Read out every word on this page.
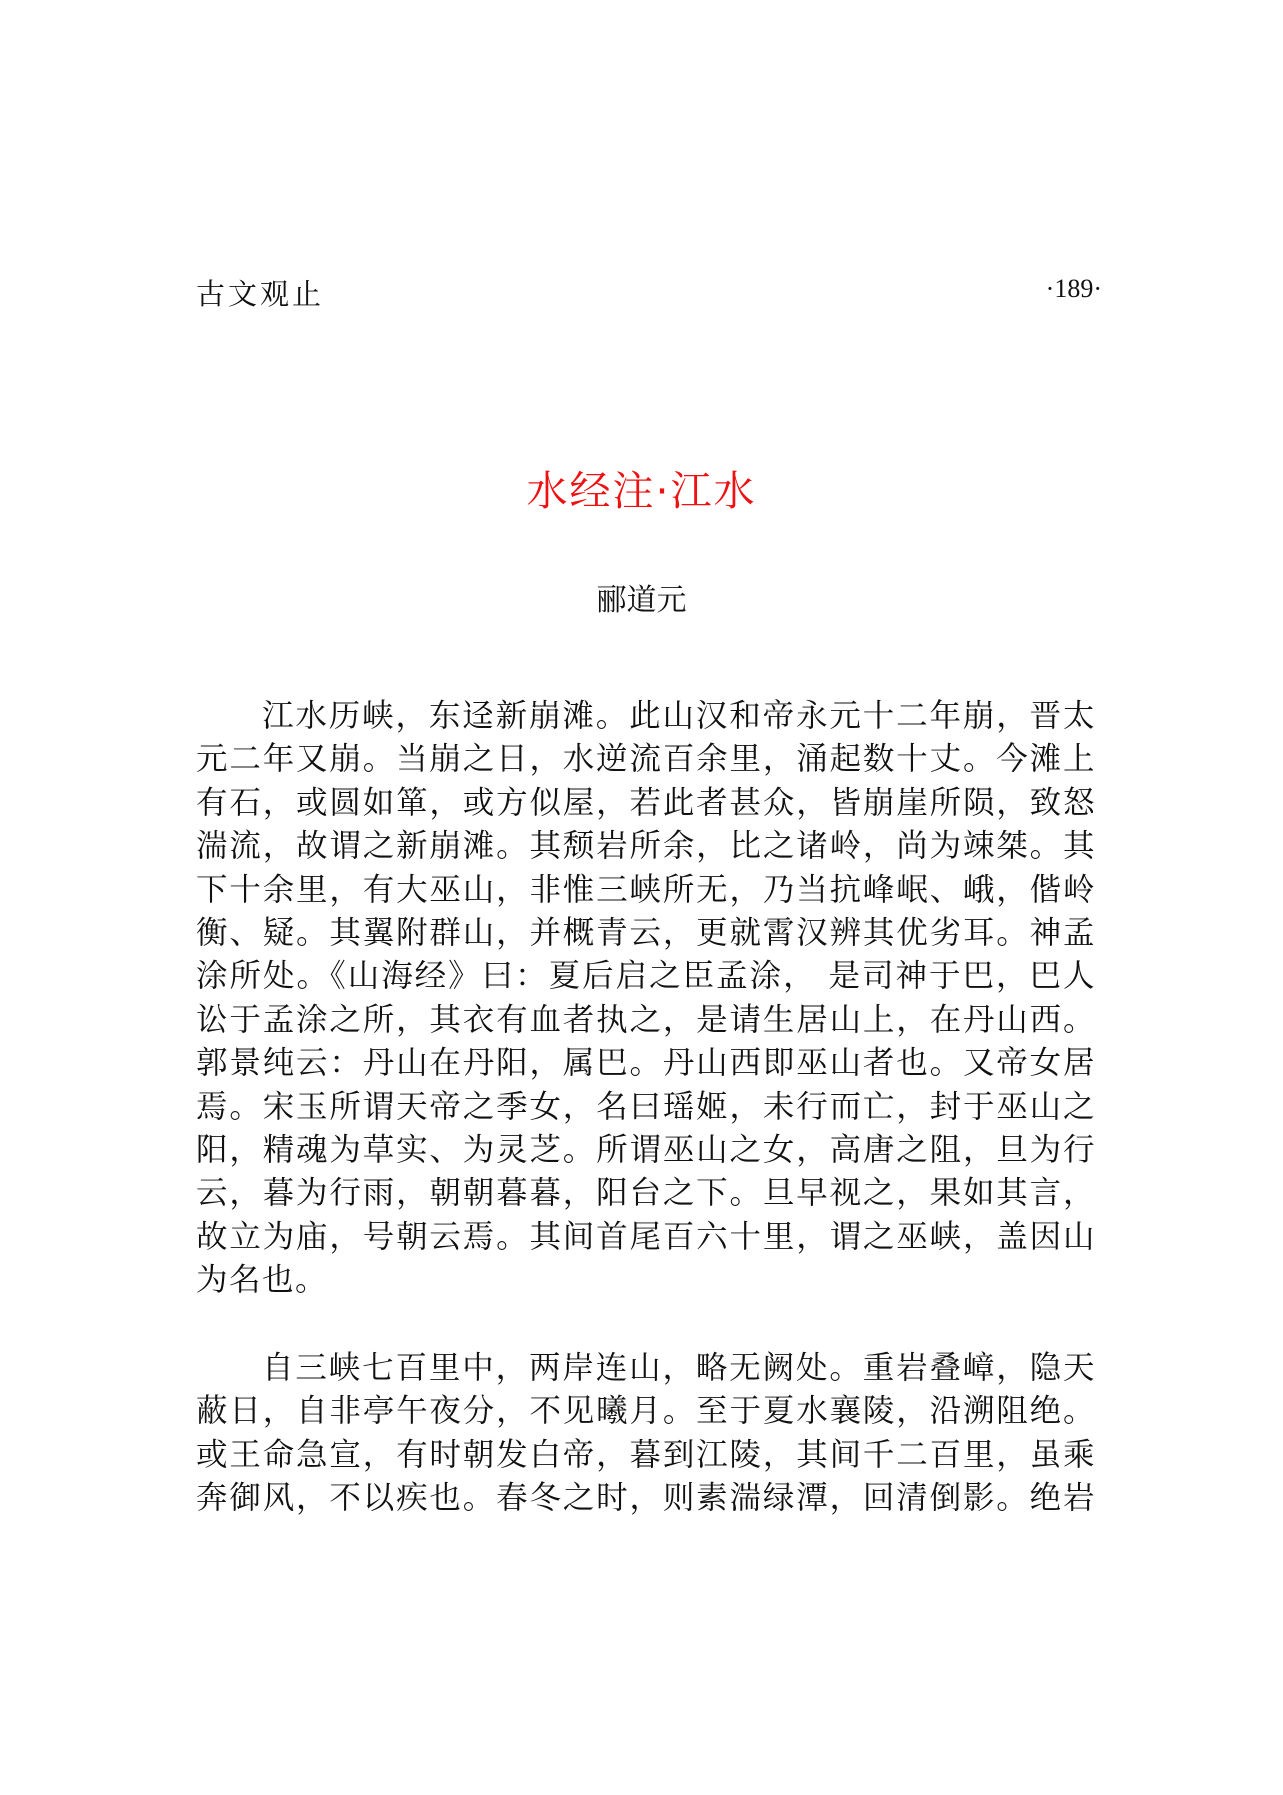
古文观止	·189·
水经注·江水
郦道元
江水历峡，东迳新崩滩。此山汉和帝永元十二年崩，晋太
元二年又崩。当崩之日，水逆流百余里，涌起数十丈。今滩上
有石，或圆如箪，或方似屋，若此者甚众，皆崩崖所陨，致怒
湍流，故谓之新崩滩。其颓岩所余，比之诸岭，尚为竦桀。其
下十余里，有大巫山，非惟三峡所无，乃当抗峰岷、峨，偕岭
衡、疑。其翼附群山，并概青云，更就霄汉辨其优劣耳。神孟
涂所处。《山海经》曰：夏后启之臣孟涂， 是司神于巴，巴人
讼于孟涂之所，其衣有血者执之，是请生居山上，在丹山西。
郭景纯云：丹山在丹阳，属巴。丹山西即巫山者也。又帝女居
焉。宋玉所谓天帝之季女，名曰瑶姬，未行而亡，封于巫山之
阳，精魂为草实、为灵芝。所谓巫山之女，高唐之阻，旦为行
云，暮为行雨，朝朝暮暮，阳台之下。旦早视之，果如其言，
故立为庙，号朝云焉。其间首尾百六十里，谓之巫峡，盖因山
为名也。
自三峡七百里中，两岸连山，略无阙处。重岩叠嶂，隐天
蔽日，自非亭午夜分，不见曦月。至于夏水襄陵，沿溯阻绝。
或王命急宣，有时朝发白帝，暮到江陵，其间千二百里，虽乘
奔御风，不以疾也。春冬之时，则素湍绿潭，回清倒影。绝岩
